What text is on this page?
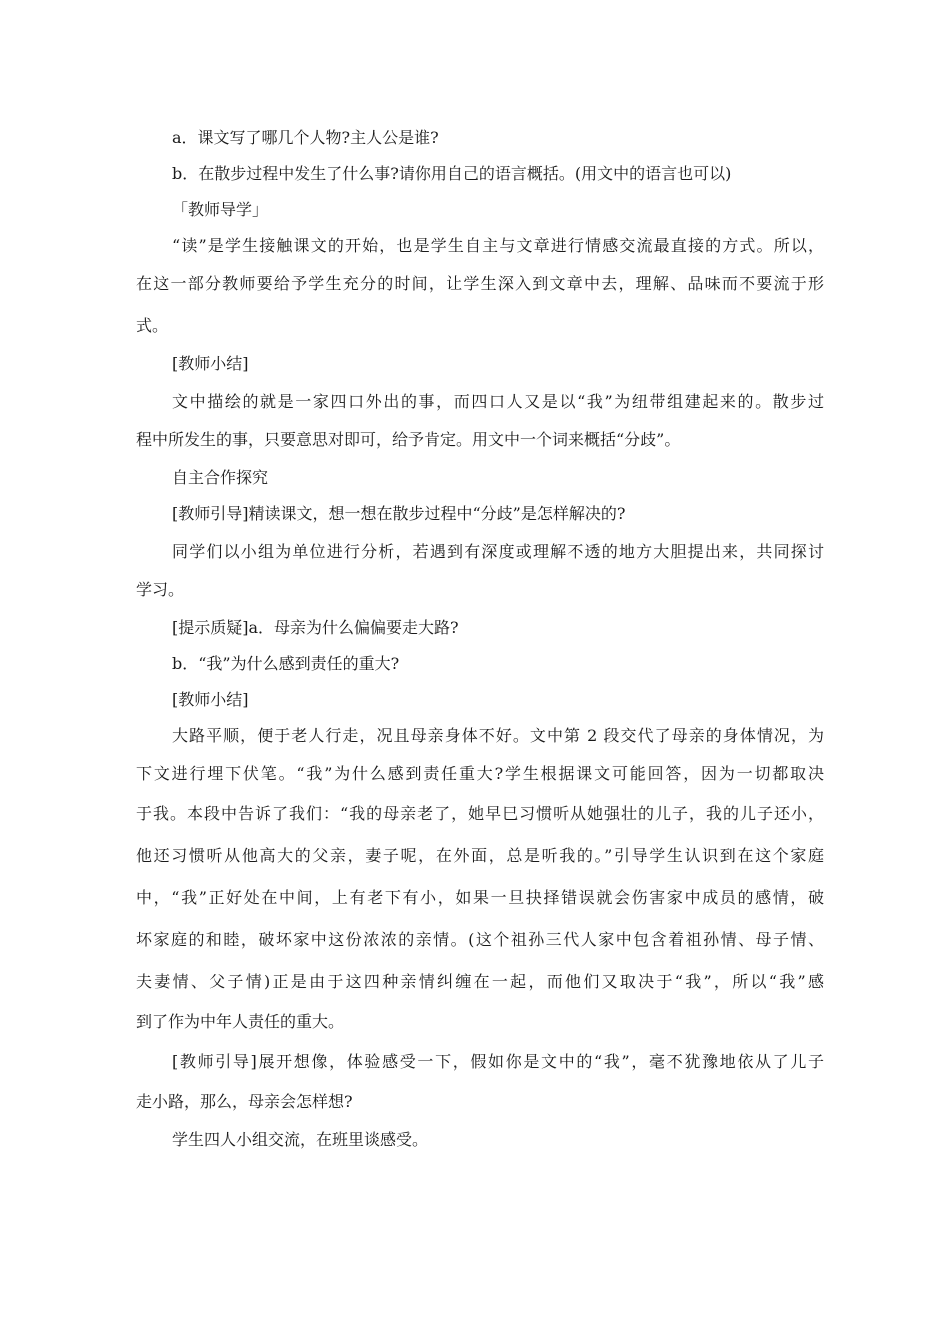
a．课文写了哪几个人物?主人公是谁?
b．在散步过程中发生了什么事?请你用自己的语言概括。(用文中的语言也可以)
「教师导学」
“读”是学生接触课文的开始，也是学生自主与文章进行情感交流最直接的方式。所以，
在这一部分教师要给予学生充分的时间，让学生深入到文章中去，理解、品味而不要流于形
式。
[教师小结]
文中描绘的就是一家四口外出的事，而四口人又是以“我”为纽带组建起来的。散步过
程中所发生的事，只要意思对即可，给予肯定。用文中一个词来概括“分歧”。
自主合作探究
[教师引导]精读课文，想一想在散步过程中“分歧”是怎样解决的?
同学们以小组为单位进行分析，若遇到有深度或理解不透的地方大胆提出来，共同探讨
学习。
[提示质疑]a．母亲为什么偏偏要走大路?
b．“我”为什么感到责任的重大?
[教师小结]
大路平顺，便于老人行走，况且母亲身体不好。文中第 2 段交代了母亲的身体情况，为
下文进行埋下伏笔。“我”为什么感到责任重大?学生根据课文可能回答，因为一切都取决
于我。本段中告诉了我们：“我的母亲老了，她早巳习惯听从她强壮的儿子，我的儿子还小，
他还习惯听从他高大的父亲，妻子呢，在外面，总是听我的。”引导学生认识到在这个家庭
中，“我”正好处在中间，上有老下有小，如果一旦抉择错误就会伤害家中成员的感情，破
坏家庭的和睦，破坏家中这份浓浓的亲情。(这个祖孙三代人家中包含着祖孙情、母子情、
夫妻情、父子情)正是由于这四种亲情纠缠在一起，而他们又取决于“我”，所以“我”感
到了作为中年人责任的重大。
[教师引导]展开想像，体验感受一下，假如你是文中的“我”，毫不犹豫地依从了儿子
走小路，那么，母亲会怎样想?
学生四人小组交流，在班里谈感受。
